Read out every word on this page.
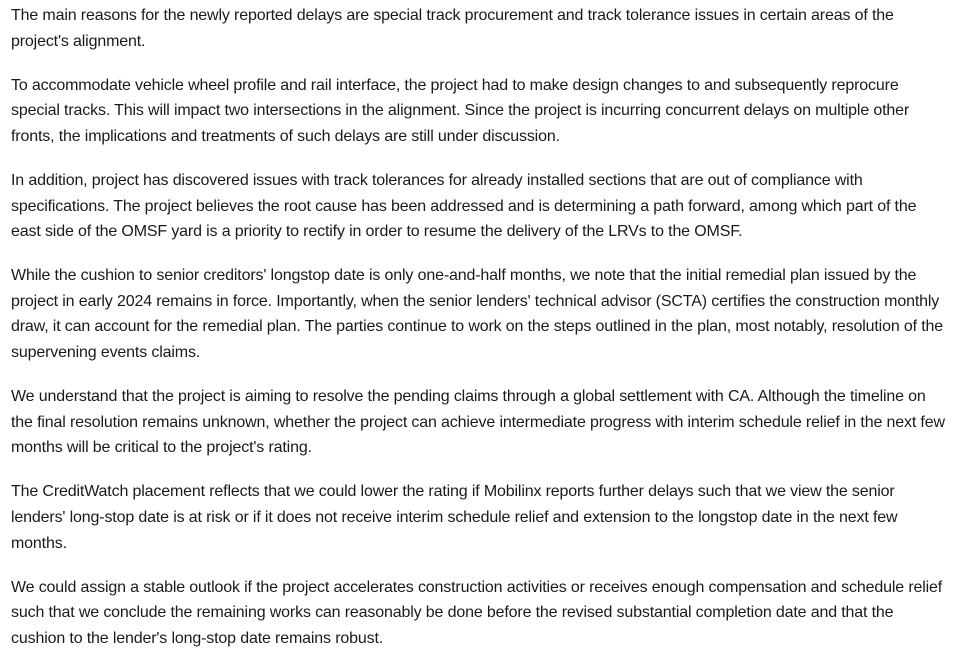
The main reasons for the newly reported delays are special track procurement and track tolerance issues in certain areas of the project's alignment.

To accommodate vehicle wheel profile and rail interface, the project had to make design changes to and subsequently reprocure special tracks. This will impact two intersections in the alignment. Since the project is incurring concurrent delays on multiple other fronts, the implications and treatments of such delays are still under discussion.

In addition, project has discovered issues with track tolerances for already installed sections that are out of compliance with specifications. The project believes the root cause has been addressed and is determining a path forward, among which part of the east side of the OMSF yard is a priority to rectify in order to resume the delivery of the LRVs to the OMSF.

While the cushion to senior creditors' longstop date is only one-and-half months, we note that the initial remedial plan issued by the project in early 2024 remains in force. Importantly, when the senior lenders' technical advisor (SCTA) certifies the construction monthly draw, it can account for the remedial plan. The parties continue to work on the steps outlined in the plan, most notably, resolution of the supervening events claims.

We understand that the project is aiming to resolve the pending claims through a global settlement with CA. Although the timeline on the final resolution remains unknown, whether the project can achieve intermediate progress with interim schedule relief in the next few months will be critical to the project's rating.

The CreditWatch placement reflects that we could lower the rating if Mobilinx reports further delays such that we view the senior lenders' long-stop date is at risk or if it does not receive interim schedule relief and extension to the longstop date in the next few months.

We could assign a stable outlook if the project accelerates construction activities or receives enough compensation and schedule relief such that we conclude the remaining works can reasonably be done before the revised substantial completion date and that the cushion to the lender's long-stop date remains robust.
